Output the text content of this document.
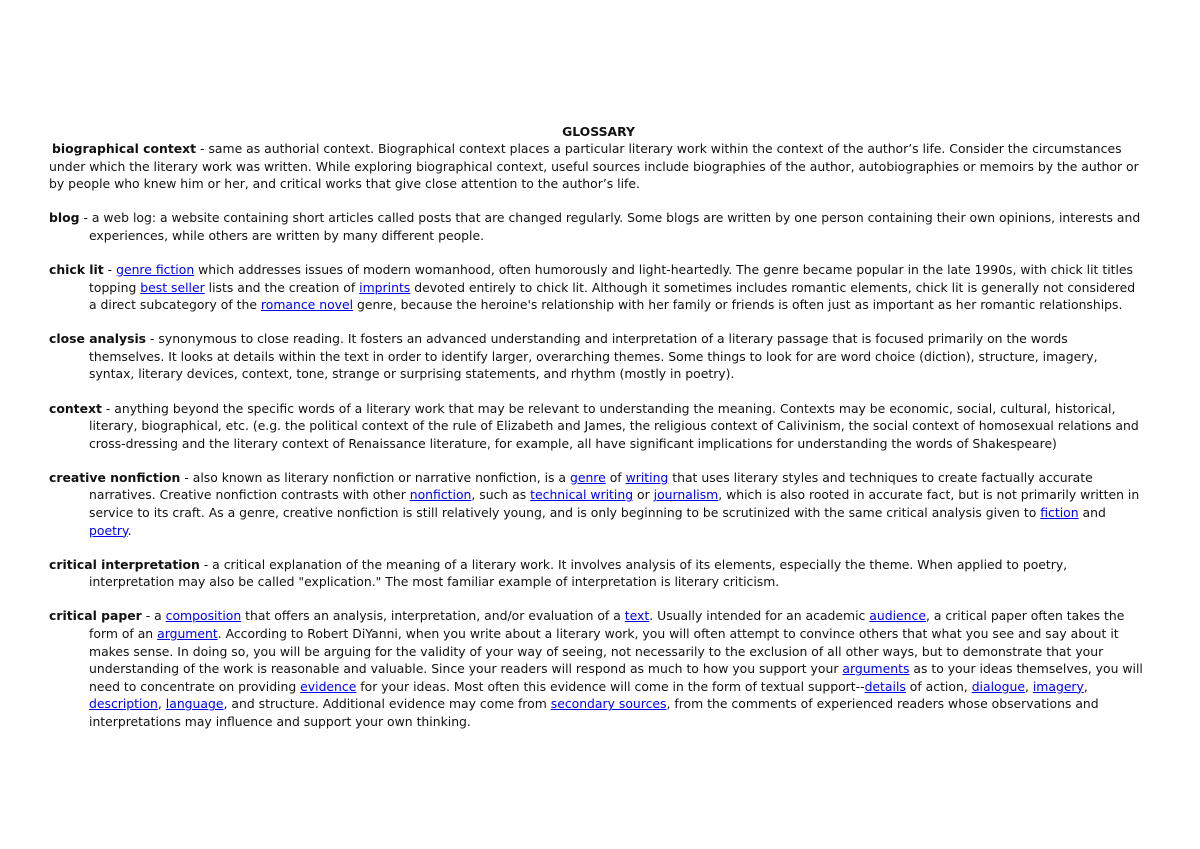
GLOSSARY

biographical context - same as authorial context. Biographical context places a particular literary work within the context of the author’s life. Consider the circumstances under which the literary work was written. While exploring biographical context, useful sources include biographies of the author, autobiographies or memoirs by the author or by people who knew him or her, and critical works that give close attention to the author’s life.

blog - a web log: a website containing short articles called posts that are changed regularly. Some blogs are written by one person containing their own opinions, interests and experiences, while others are written by many different people.

chick lit - genre fiction which addresses issues of modern womanhood, often humorously and light-heartedly. The genre became popular in the late 1990s, with chick lit titles topping best seller lists and the creation of imprints devoted entirely to chick lit. Although it sometimes includes romantic elements, chick lit is generally not considered a direct subcategory of the romance novel genre, because the heroine's relationship with her family or friends is often just as important as her romantic relationships.

close analysis - synonymous to close reading. It fosters an advanced understanding and interpretation of a literary passage that is focused primarily on the words themselves. It looks at details within the text in order to identify larger, overarching themes. Some things to look for are word choice (diction), structure, imagery, syntax, literary devices, context, tone, strange or surprising statements, and rhythm (mostly in poetry).

context - anything beyond the specific words of a literary work that may be relevant to understanding the meaning. Contexts may be economic, social, cultural, historical, literary, biographical, etc. (e.g. the political context of the rule of Elizabeth and James, the religious context of Calivinism, the social context of homosexual relations and cross-dressing and the literary context of Renaissance literature, for example, all have significant implications for understanding the words of Shakespeare)

creative nonfiction - also known as literary nonfiction or narrative nonfiction, is a genre of writing that uses literary styles and techniques to create factually accurate narratives. Creative nonfiction contrasts with other nonfiction, such as technical writing or journalism, which is also rooted in accurate fact, but is not primarily written in service to its craft. As a genre, creative nonfiction is still relatively young, and is only beginning to be scrutinized with the same critical analysis given to fiction and poetry.

critical interpretation - a critical explanation of the meaning of a literary work. It involves analysis of its elements, especially the theme. When applied to poetry, interpretation may also be called "explication." The most familiar example of interpretation is literary criticism.

critical paper - a composition that offers an analysis, interpretation, and/or evaluation of a text. Usually intended for an academic audience, a critical paper often takes the form of an argument. According to Robert DiYanni, when you write about a literary work, you will often attempt to convince others that what you see and say about it makes sense. In doing so, you will be arguing for the validity of your way of seeing, not necessarily to the exclusion of all other ways, but to demonstrate that your understanding of the work is reasonable and valuable. Since your readers will respond as much to how you support your arguments as to your ideas themselves, you will need to concentrate on providing evidence for your ideas. Most often this evidence will come in the form of textual support--details of action, dialogue, imagery, description, language, and structure. Additional evidence may come from secondary sources, from the comments of experienced readers whose observations and interpretations may influence and support your own thinking.
